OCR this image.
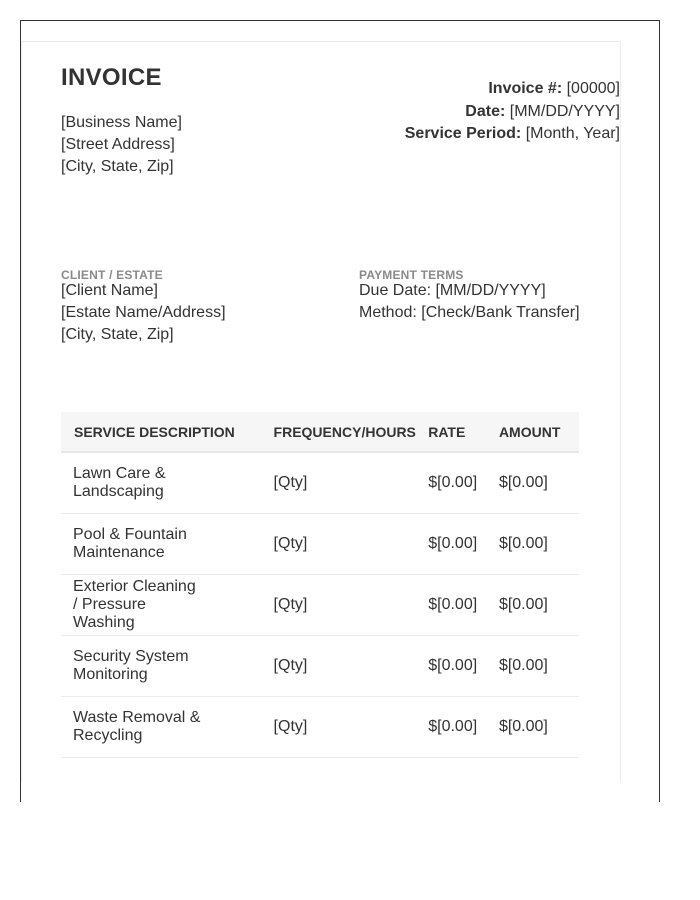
INVOICE
[Business Name]
[Street Address]
[City, State, Zip]
Invoice #: [00000]
Date: [MM/DD/YYYY]
Service Period: [Month, Year]
CLIENT / ESTATE	PAYMENT TERMS
[Client Name]
[Estate Name/Address]
[City, State, Zip]
Due Date: [MM/DD/YYYY]
Method: [Check/Bank Transfer]
SERVICE DESCRIPTION	FREQUENCY/HOURS	RATE	AMOUNT

Lawn Care & Landscaping	[Qty]	$[0.00]	$[0.00]

Pool & Fountain Maintenance	[Qty]	$[0.00]	$[0.00]

Exterior Cleaning / Pressure Washing	[Qty]	$[0.00]	$[0.00]

Security System Monitoring	[Qty]	$[0.00]	$[0.00]

Waste Removal & Recycling	[Qty]	$[0.00]	$[0.00]
